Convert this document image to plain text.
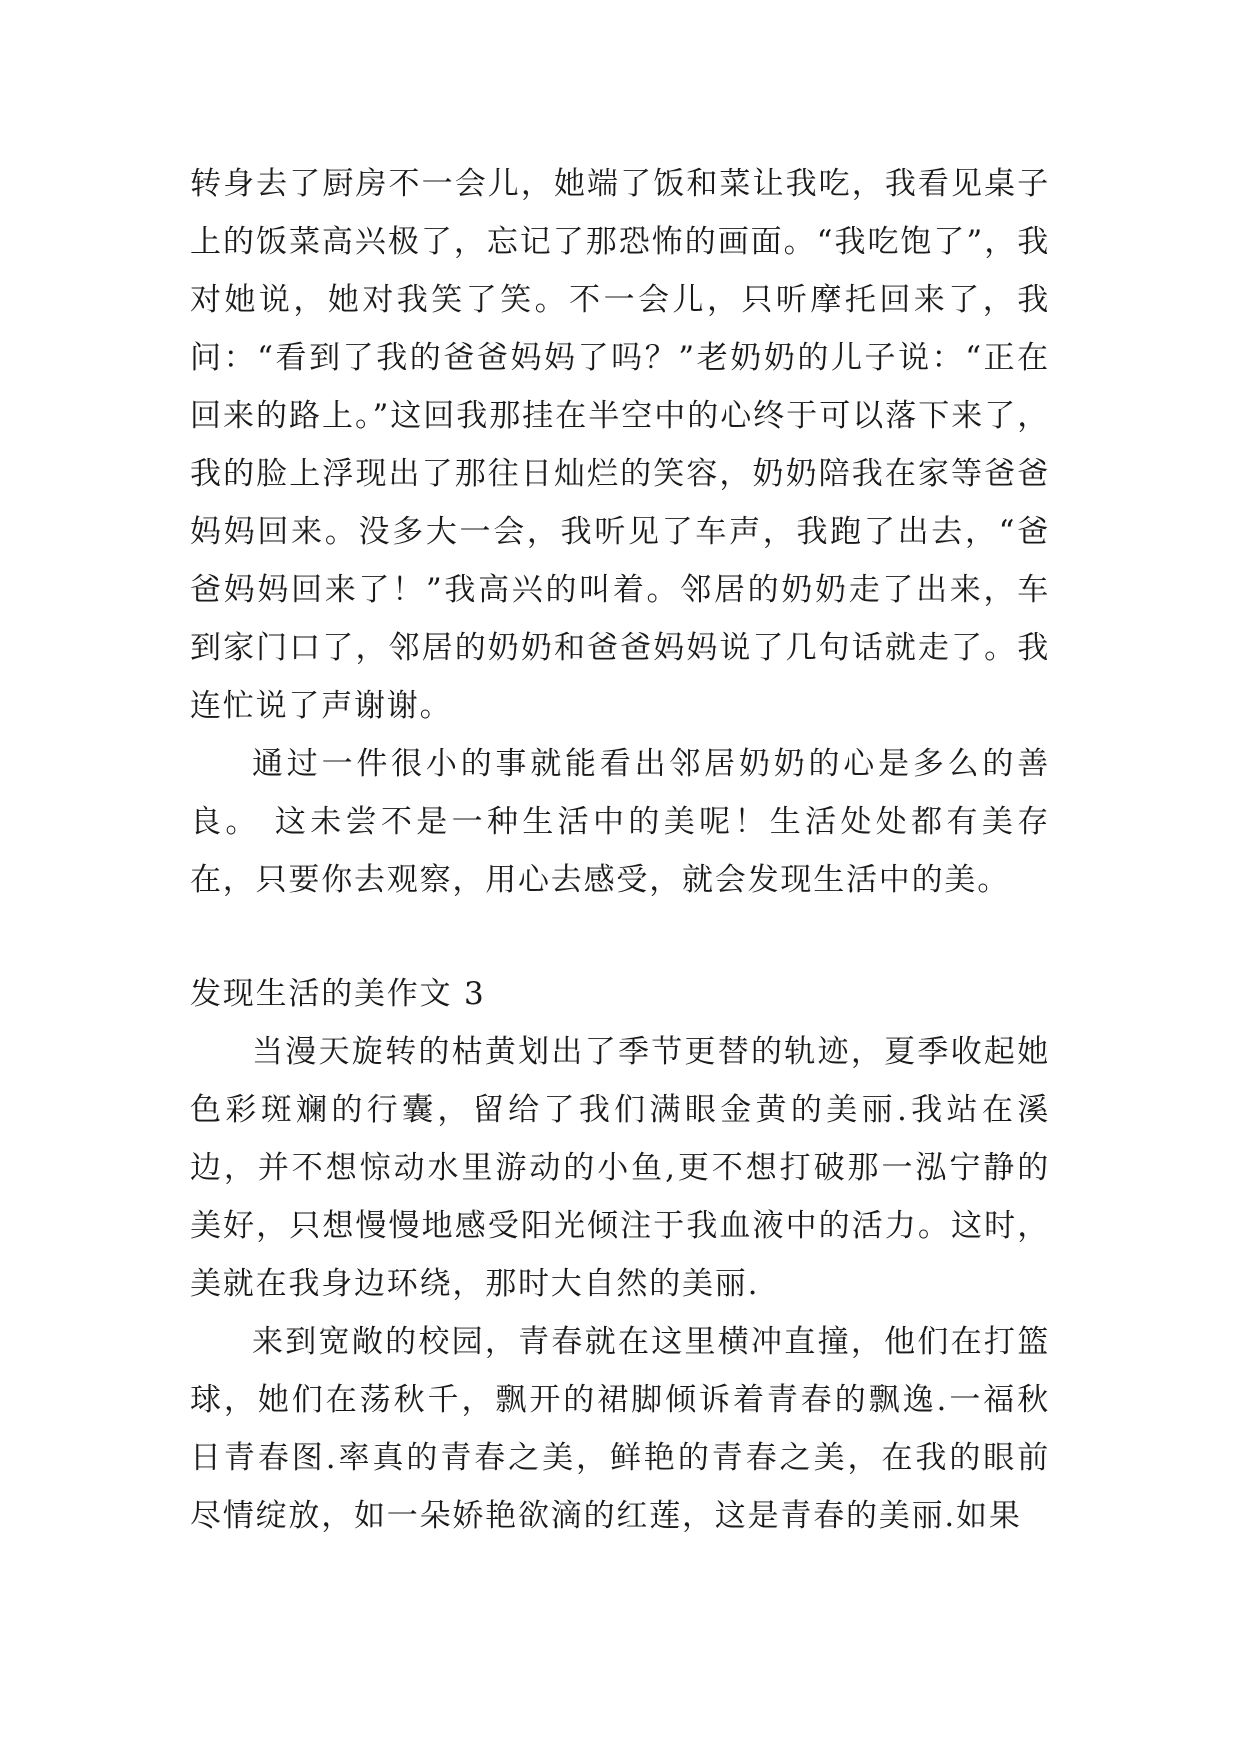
转身去了厨房不一会儿，她端了饭和菜让我吃，我看见桌子上的饭菜高兴极了，忘记了那恐怖的画面。“我吃饱了”，我对她说，她对我笑了笑。不一会儿，只听摩托回来了，我问：“看到了我的爸爸妈妈了吗？”老奶奶的儿子说：“正在回来的路上。”这回我那挂在半空中的心终于可以落下来了，我的脸上浮现出了那往日灿烂的笑容，奶奶陪我在家等爸爸妈妈回来。没多大一会，我听见了车声，我跑了出去，“爸爸妈妈回来了！”我高兴的叫着。邻居的奶奶走了出来，车到家门口了，邻居的奶奶和爸爸妈妈说了几句话就走了。我连忙说了声谢谢。

通过一件很小的事就能看出邻居奶奶的心是多么的善良。 这未尝不是一种生活中的美呢！生活处处都有美存在，只要你去观察，用心去感受，就会发现生活中的美。

发现生活的美作文 3

当漫天旋转的枯黄划出了季节更替的轨迹，夏季收起她色彩斑斓的行囊，留给了我们满眼金黄的美丽.我站在溪边，并不想惊动水里游动的小鱼,更不想打破那一泓宁静的美好，只想慢慢地感受阳光倾注于我血液中的活力。这时，美就在我身边环绕，那时大自然的美丽.

来到宽敞的校园，青春就在这里横冲直撞，他们在打篮球，她们在荡秋千，飘开的裙脚倾诉着青春的飘逸.一福秋日青春图.率真的青春之美，鲜艳的青春之美，在我的眼前尽情绽放，如一朵娇艳欲滴的红莲，这是青春的美丽.如果
